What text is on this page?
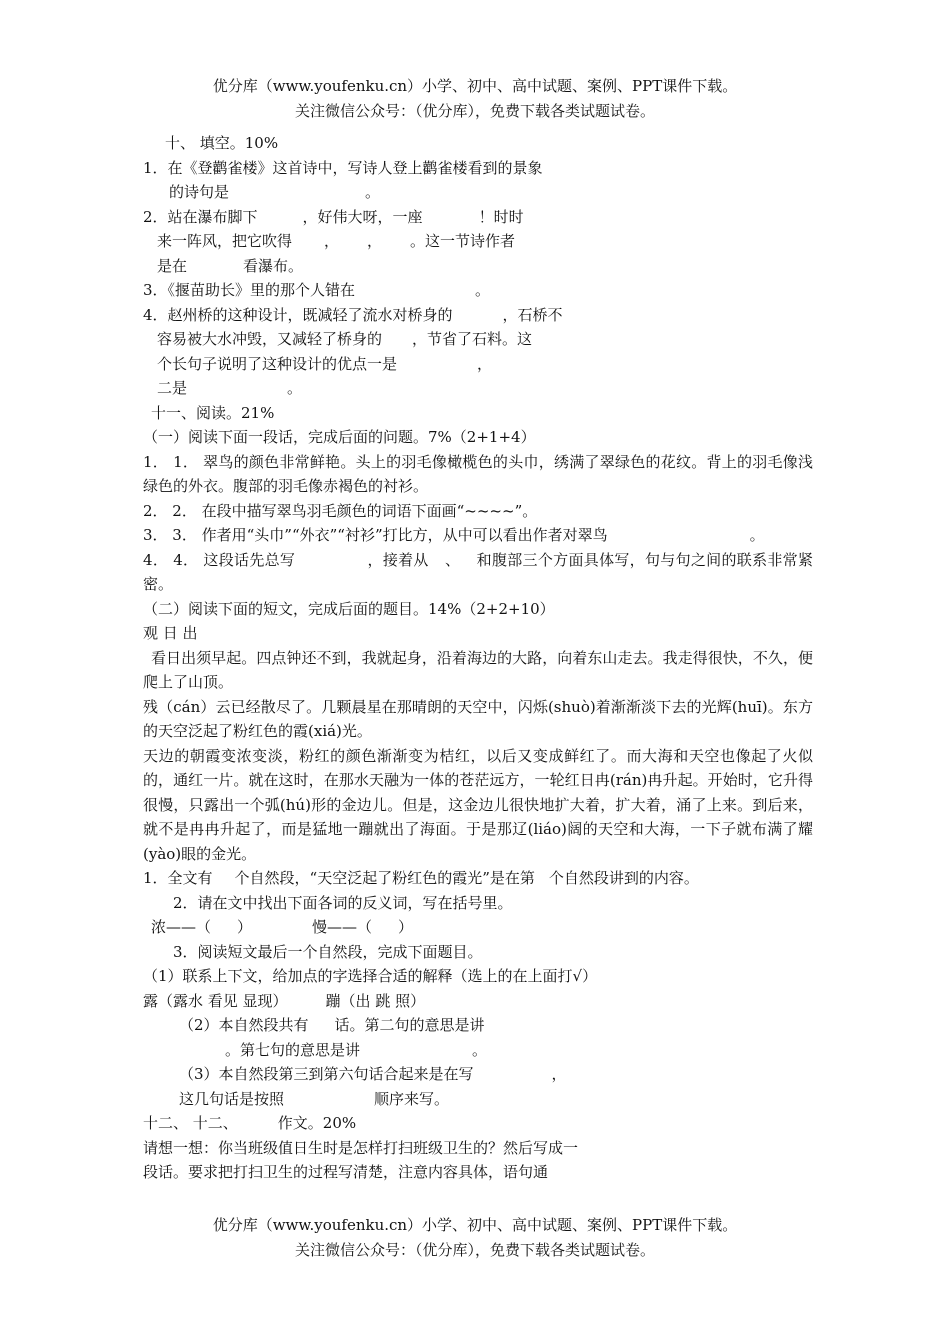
优分库（www.youfenku.cn）小学、初中、高中试题、案例、PPT课件下载。
关注微信公众号：（优分库），免费下载各类试题试卷。
十、 填空。10%
1．在《登鹳雀楼》这首诗中，写诗人登上鹳雀楼看到的景象
的诗句是	。
2．站在瀑布脚下	，好伟大呀，一座	！时时
来一阵风，把它吹得 ， ， 。这一节诗作者
是在	看瀑布。
3．《揠苗助长》里的那个人错在	。
4．赵州桥的这种设计，既减轻了流水对桥身的	，石桥不
容易被大水冲毁，又减轻了桥身的 ，节省了石料。这
个长句子说明了这种设计的优点一是	，
二是	。
十一、阅读。21%
（一）阅读下面一段话，完成后面的问题。7%（2+1+4）
1． 1． 翠鸟的颜色非常鲜艳。头上的羽毛像橄榄色的头巾，绣满了翠绿色的花纹。背上的羽毛像浅绿色的外衣。腹部的羽毛像赤褐色的衬衫。
2． 2． 在段中描写翠鸟羽毛颜色的词语下面画“~~~~”。
3． 3． 作者用“头巾”“外衣”“衬衫”打比方，从中可以看出作者对翠鸟	。
4． 4． 这段话先总写	，接着从 、 和腹部三个方面具体写，句与句之间的联系非常紧密。
（二）阅读下面的短文，完成后面的题目。14%（2+2+10）
观 日 出
看日出须早起。四点钟还不到，我就起身，沿着海边的大路，向着东山走去。我走得很快，不久，便爬上了山顶。
残（cán）云已经散尽了。几颗晨星在那晴朗的天空中，闪烁(shuò)着渐渐淡下去的光辉(huī)。东方的天空泛起了粉红色的霞(xiá)光。
天边的朝霞变浓变淡，粉红的颜色渐渐变为桔红，以后又变成鲜红了。而大海和天空也像起了火似的，通红一片。就在这时，在那水天融为一体的苍茫远方，一轮红日冉(rán)冉升起。开始时，它升得很慢，只露出一个弧(hú)形的金边儿。但是，这金边儿很快地扩大着，扩大着，涌了上来。到后来，就不是冉冉升起了，而是猛地一蹦就出了海面。于是那辽(liáo)阔的天空和大海，一下子就布满了耀(yào)眼的金光。
1．全文有 个自然段，“天空泛起了粉红色的霞光”是在第 个自然段讲到的内容。
2．请在文中找出下面各词的反义词，写在括号里。
浓——（ ）	慢——（ ）
3．阅读短文最后一个自然段，完成下面题目。
（1）联系上下文，给加点的字选择合适的解释（选上的在上面打√）
露（露水 看见 显现）	蹦（出 跳 照）
（2）本自然段共有 话。第二句的意思是讲
。第七句的意思是讲	。
（3）本自然段第三到第六句话合起来是在写	，
这几句话是按照	顺序来写。
十二、 十二、	作文。20%
请想一想：你当班级值日生时是怎样打扫班级卫生的？然后写成一
段话。要求把打扫卫生的过程写清楚，注意内容具体，语句通
优分库（www.youfenku.cn）小学、初中、高中试题、案例、PPT课件下载。
关注微信公众号：（优分库），免费下载各类试题试卷。
